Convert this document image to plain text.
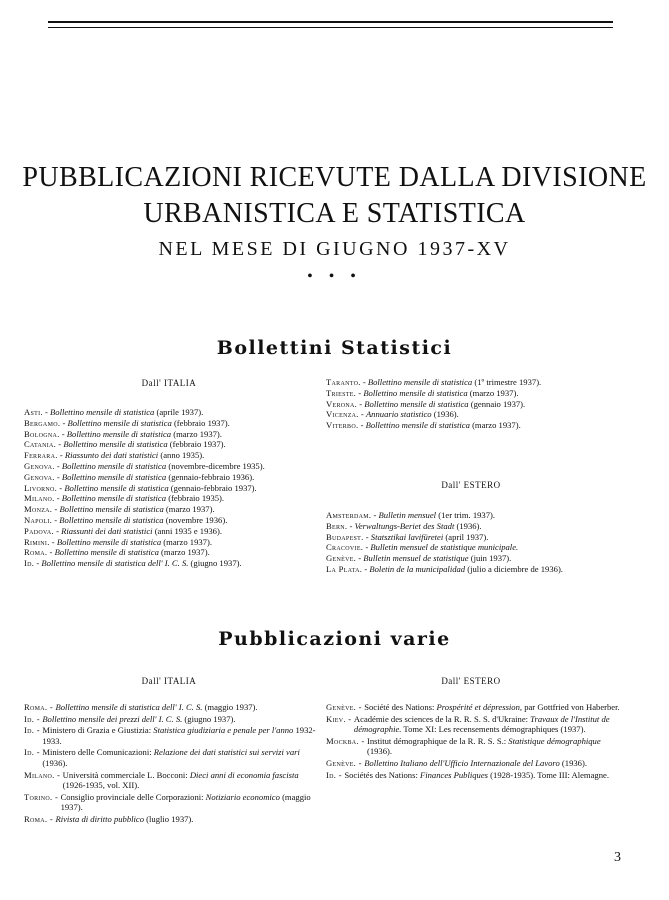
PUBBLICAZIONI RICEVUTE DALLA DIVISIONE
URBANISTICA E STATISTICA
NEL MESE DI GIUGNO 1937-XV
• • •
Bollettini Statistici
Dall' ITALIA
Asti. - Bollettino mensile di statistica (aprile 1937).
Bergamo. - Bollettino mensile di statistica (febbraio 1937).
Bologna. - Bollettino mensile di statistica (marzo 1937).
Catania. - Bollettino mensile di statistica (febbraio 1937).
Ferrara. - Riassunto dei dati statistici (anno 1935).
Genova. - Bollettino mensile di statistica (novembre-dicembre 1935).
Genova. - Bollettino mensile di statistica (gennaio-febbraio 1936).
Livorno. - Bollettino mensile di statistica (gennaio-febbraio 1937).
Milano. - Bollettino mensile di statistica (febbraio 1935).
Monza. - Bollettino mensile di statistica (marzo 1937).
Napoli. - Bollettino mensile di statistica (novembre 1936).
Padova. - Riassunti dei dati statistici (anni 1935 e 1936).
Rimini. - Bollettino mensile di statistica (marzo 1937).
Roma. - Bollettino mensile di statistica (marzo 1937).
Id. - Bollettino mensile di statistica dell' I. C. S. (giugno 1937).
Taranto. - Bollettino mensile di statistica (1º trimestre 1937).
Trieste. - Bollettino mensile di statistica (marzo 1937).
Verona. - Bollettino mensile di statistica (gennaio 1937).
Vicenza. - Annuario statistico (1936).
Viterbo. - Bollettino mensile di statistica (marzo 1937).
Dall' ESTERO
Amsterdam. - Bulletin mensuel (1er trim. 1937).
Bern. - Verwaltungs-Beriet des Stadt (1936).
Budapest. - Statsztikai lavifüretei (april 1937).
Cracovie. - Bulletin mensuel de statistique municipale.
Genève. - Bulletin mensuel de statistique (juin 1937).
La Plata. - Boletin de la municipalidad (julio a diciembre de 1936).
Pubblicazioni varie
Dall' ITALIA
Roma. - Bollettino mensile di statistica dell' I. C. S. (maggio 1937).
Id. - Bollettino mensile dei prezzi dell' I. C. S. (giugno 1937).
Id. - Ministero di Grazia e Giustizia: Statistica giudiziaria e penale per l'anno 1932-1933.
Id. - Ministero delle Comunicazioni: Relazione dei dati statistici sui servizi vari (1936).
Milano. - Università commerciale L. Bocconi: Dieci anni di economia fascista (1926-1935, vol. XII).
Torino. - Consiglio provinciale delle Corporazioni: Notiziario economico (maggio 1937).
Roma. - Rivista di diritto pubblico (luglio 1937).
Dall' ESTERO
Genève. - Société des Nations: Prospérité et dépression, par Gottfried von Haberber.
Kiev. - Académie des sciences de la R. R. S. S. d'Ukraine: Travaux de l'Institut de démographie. Tome XI: Les recensements démographiques (1937).
Mockba. - Institut démographique de la R. R. S. S.: Statistique démographique (1936).
Genève. - Bollettino Italiano dell'Ufficio Internazionale del Lavoro (1936).
Id. - Sociétés des Nations: Finances Publiques (1928-1935). Tome III: Alemagne.
3
